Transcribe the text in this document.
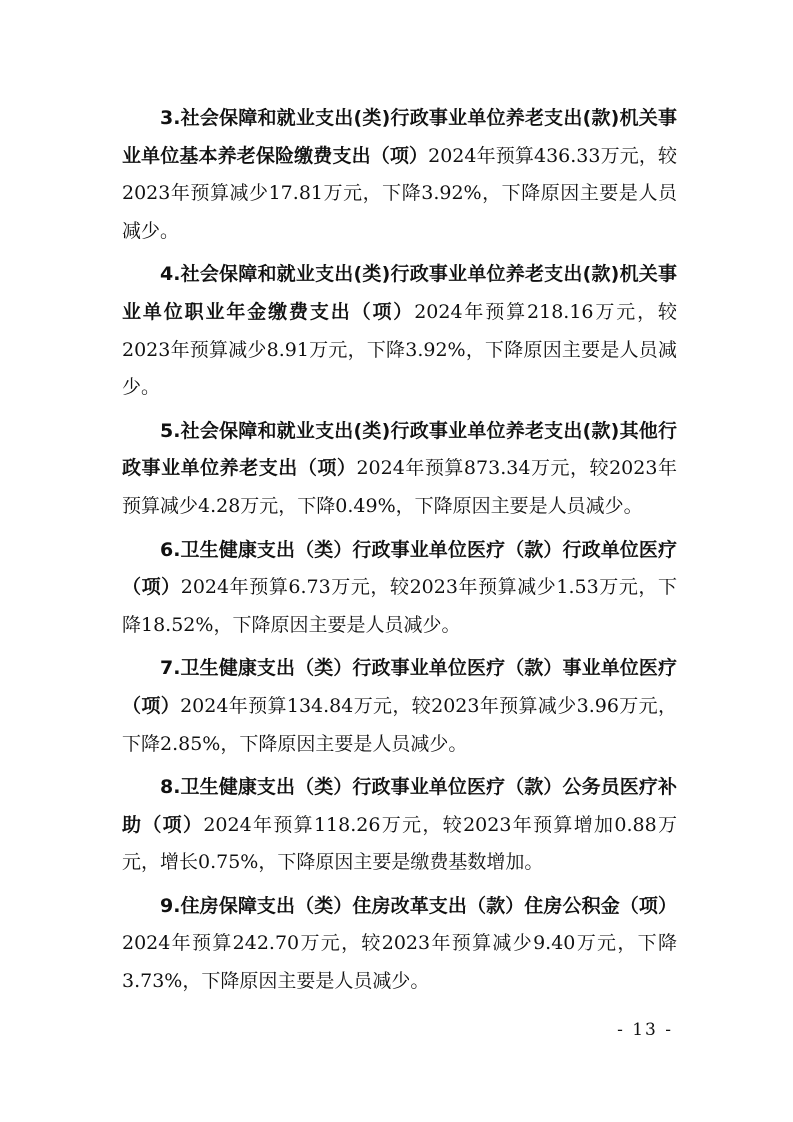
3.社会保障和就业支出(类)行政事业单位养老支出(款)机关事业单位基本养老保险缴费支出（项）2024年预算436.33万元，较2023年预算减少17.81万元，下降3.92%，下降原因主要是人员减少。

4.社会保障和就业支出(类)行政事业单位养老支出(款)机关事业单位职业年金缴费支出（项）2024年预算218.16万元，较2023年预算减少8.91万元，下降3.92%，下降原因主要是人员减少。

5.社会保障和就业支出(类)行政事业单位养老支出(款)其他行政事业单位养老支出（项）2024年预算873.34万元，较2023年预算减少4.28万元，下降0.49%，下降原因主要是人员减少。

6.卫生健康支出（类）行政事业单位医疗（款）行政单位医疗（项）2024年预算6.73万元，较2023年预算减少1.53万元，下降18.52%，下降原因主要是人员减少。

7.卫生健康支出（类）行政事业单位医疗（款）事业单位医疗（项）2024年预算134.84万元，较2023年预算减少3.96万元，下降2.85%，下降原因主要是人员减少。

8.卫生健康支出（类）行政事业单位医疗（款）公务员医疗补助（项）2024年预算118.26万元，较2023年预算增加0.88万元，增长0.75%，下降原因主要是缴费基数增加。

9.住房保障支出（类）住房改革支出（款）住房公积金（项）2024年预算242.70万元，较2023年预算减少9.40万元，下降3.73%，下降原因主要是人员减少。

- 13 -
